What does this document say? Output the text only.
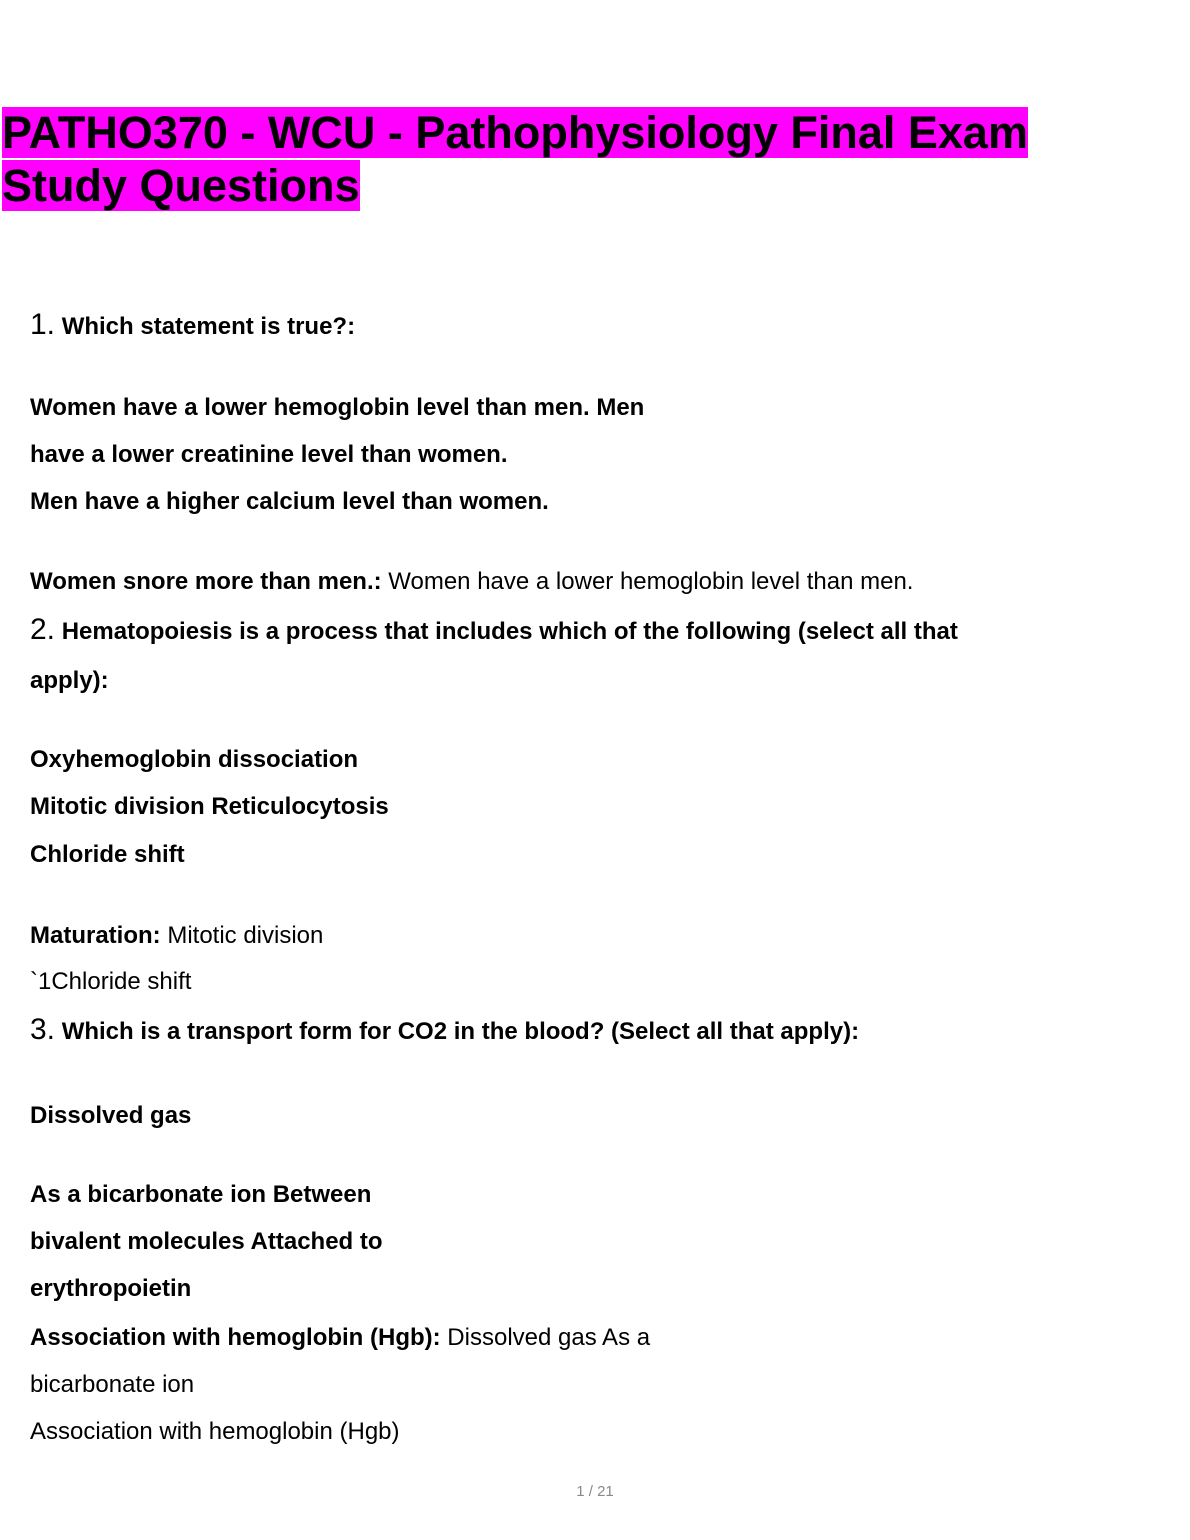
PATHO370 - WCU - Pathophysiology Final Exam
Study Questions

1. Which statement is true?:

Women have a lower hemoglobin level than men. Men

have a lower creatinine level than women.

Men have a higher calcium level than women.

Women snore more than men.: Women have a lower hemoglobin level than men.

2. Hematopoiesis is a process that includes which of the following (select all that

apply):

Oxyhemoglobin dissociation

Mitotic division Reticulocytosis

Chloride shift

Maturation: Mitotic division

`1Chloride shift

3. Which is a transport form for CO2 in the blood? (Select all that apply):

Dissolved gas

As a bicarbonate ion Between

bivalent molecules Attached to

erythropoietin

Association with hemoglobin (Hgb): Dissolved gas As a

bicarbonate ion

Association with hemoglobin (Hgb)

1 / 21
